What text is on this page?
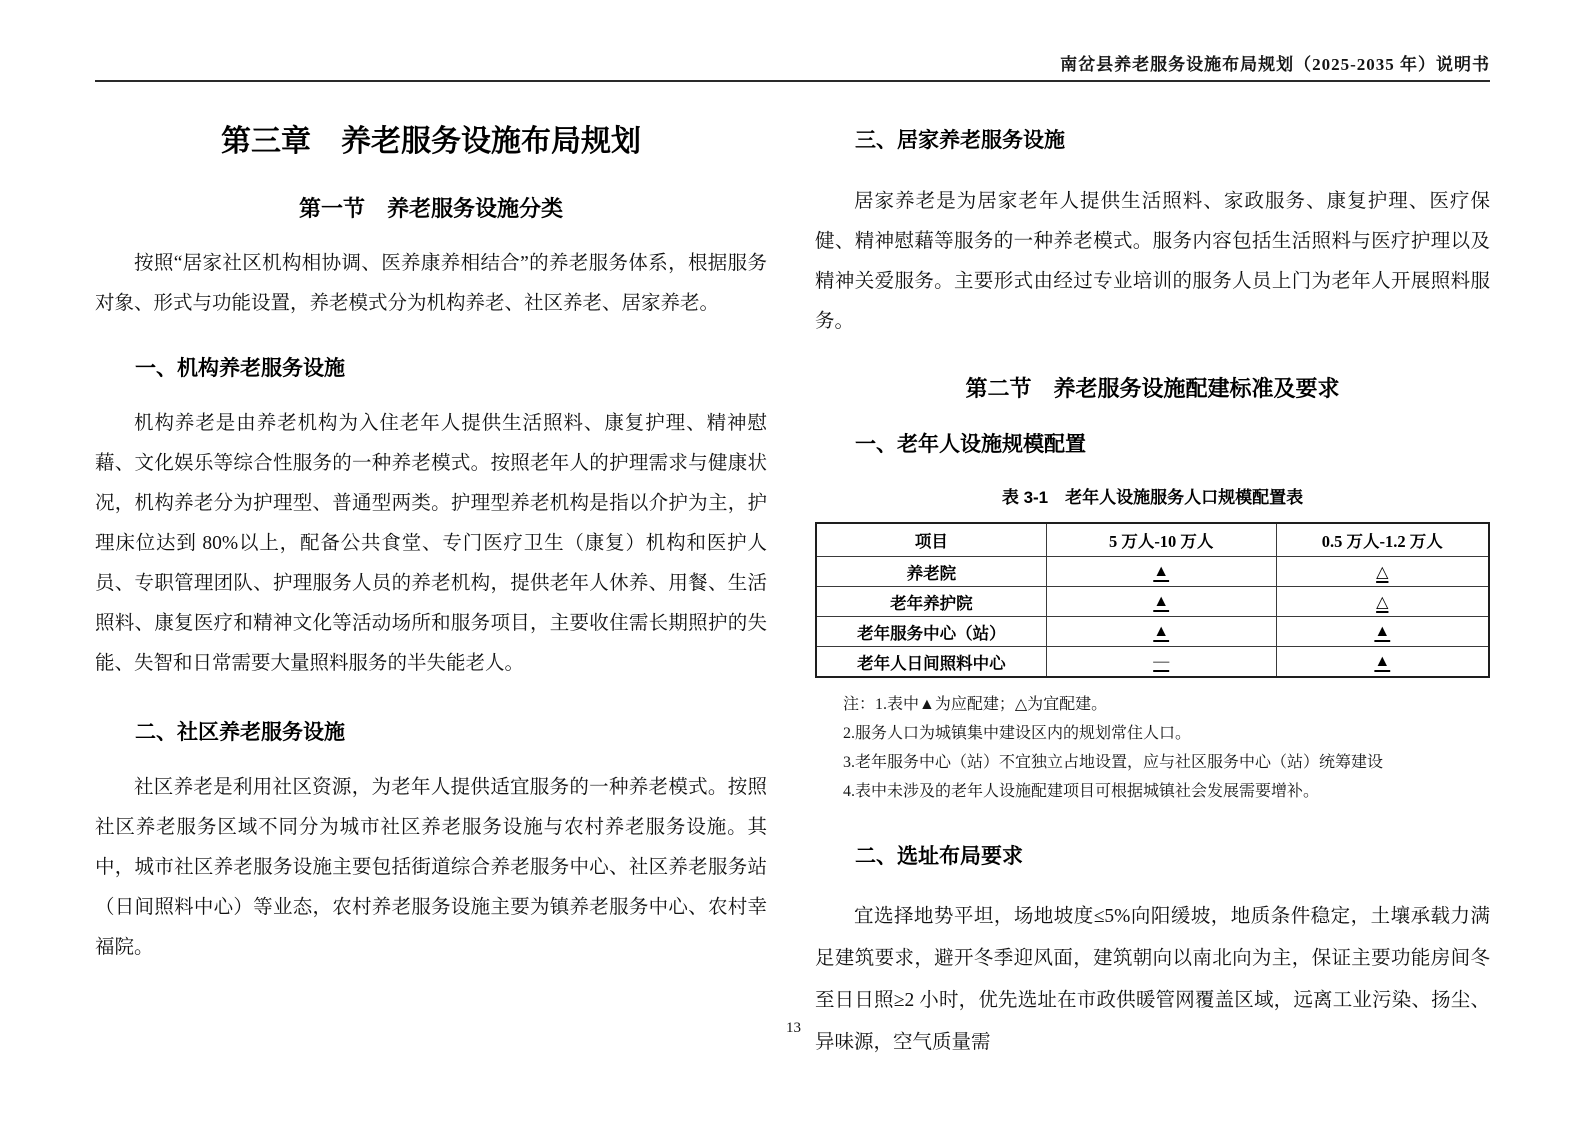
南岔县养老服务设施布局规划（2025-2035 年）说明书
第三章　养老服务设施布局规划
第一节　养老服务设施分类

按照“居家社区机构相协调、医养康养相结合”的养老服务体系，根据服务对象、形式与功能设置，养老模式分为机构养老、社区养老、居家养老。

一、机构养老服务设施

机构养老是由养老机构为入住老年人提供生活照料、康复护理、精神慰藉、文化娱乐等综合性服务的一种养老模式。按照老年人的护理需求与健康状况，机构养老分为护理型、普通型两类。护理型养老机构是指以介护为主，护理床位达到 80%以上，配备公共食堂、专门医疗卫生（康复）机构和医护人员、专职管理团队、护理服务人员的养老机构，提供老年人休养、用餐、生活照料、康复医疗和精神文化等活动场所和服务项目，主要收住需长期照护的失能、失智和日常需要大量照料服务的半失能老人。

二、社区养老服务设施

社区养老是利用社区资源，为老年人提供适宜服务的一种养老模式。按照社区养老服务区域不同分为城市社区养老服务设施与农村养老服务设施。其中，城市社区养老服务设施主要包括街道综合养老服务中心、社区养老服务站（日间照料中心）等业态，农村养老服务设施主要为镇养老服务中心、农村幸福院。

三、居家养老服务设施

居家养老是为居家老年人提供生活照料、家政服务、康复护理、医疗保健、精神慰藉等服务的一种养老模式。服务内容包括生活照料与医疗护理以及精神关爱服务。主要形式由经过专业培训的服务人员上门为老年人开展照料服务。

第二节　养老服务设施配建标准及要求
一、老年人设施规模配置
表 3-1　老年人设施服务人口规模配置表
项目	5 万人-10 万人	0.5 万人-1.2 万人
养老院	▲	△
老年养护院	▲	△
老年服务中心（站）	▲	▲
老年人日间照料中心	—	▲

注：1.表中▲为应配建；△为宜配建。

2.服务人口为城镇集中建设区内的规划常住人口。

3.老年服务中心（站）不宜独立占地设置，应与社区服务中心（站）统筹建设

4.表中未涉及的老年人设施配建项目可根据城镇社会发展需要增补。

二、选址布局要求

宜选择地势平坦，场地坡度≤5%向阳缓坡，地质条件稳定，土壤承载力满足建筑要求，避开冬季迎风面，建筑朝向以南北向为主，保证主要功能房间冬至日日照≥2 小时，优先选址在市政供暖管网覆盖区域，远离工业污染、扬尘、异味源，空气质量需

13
